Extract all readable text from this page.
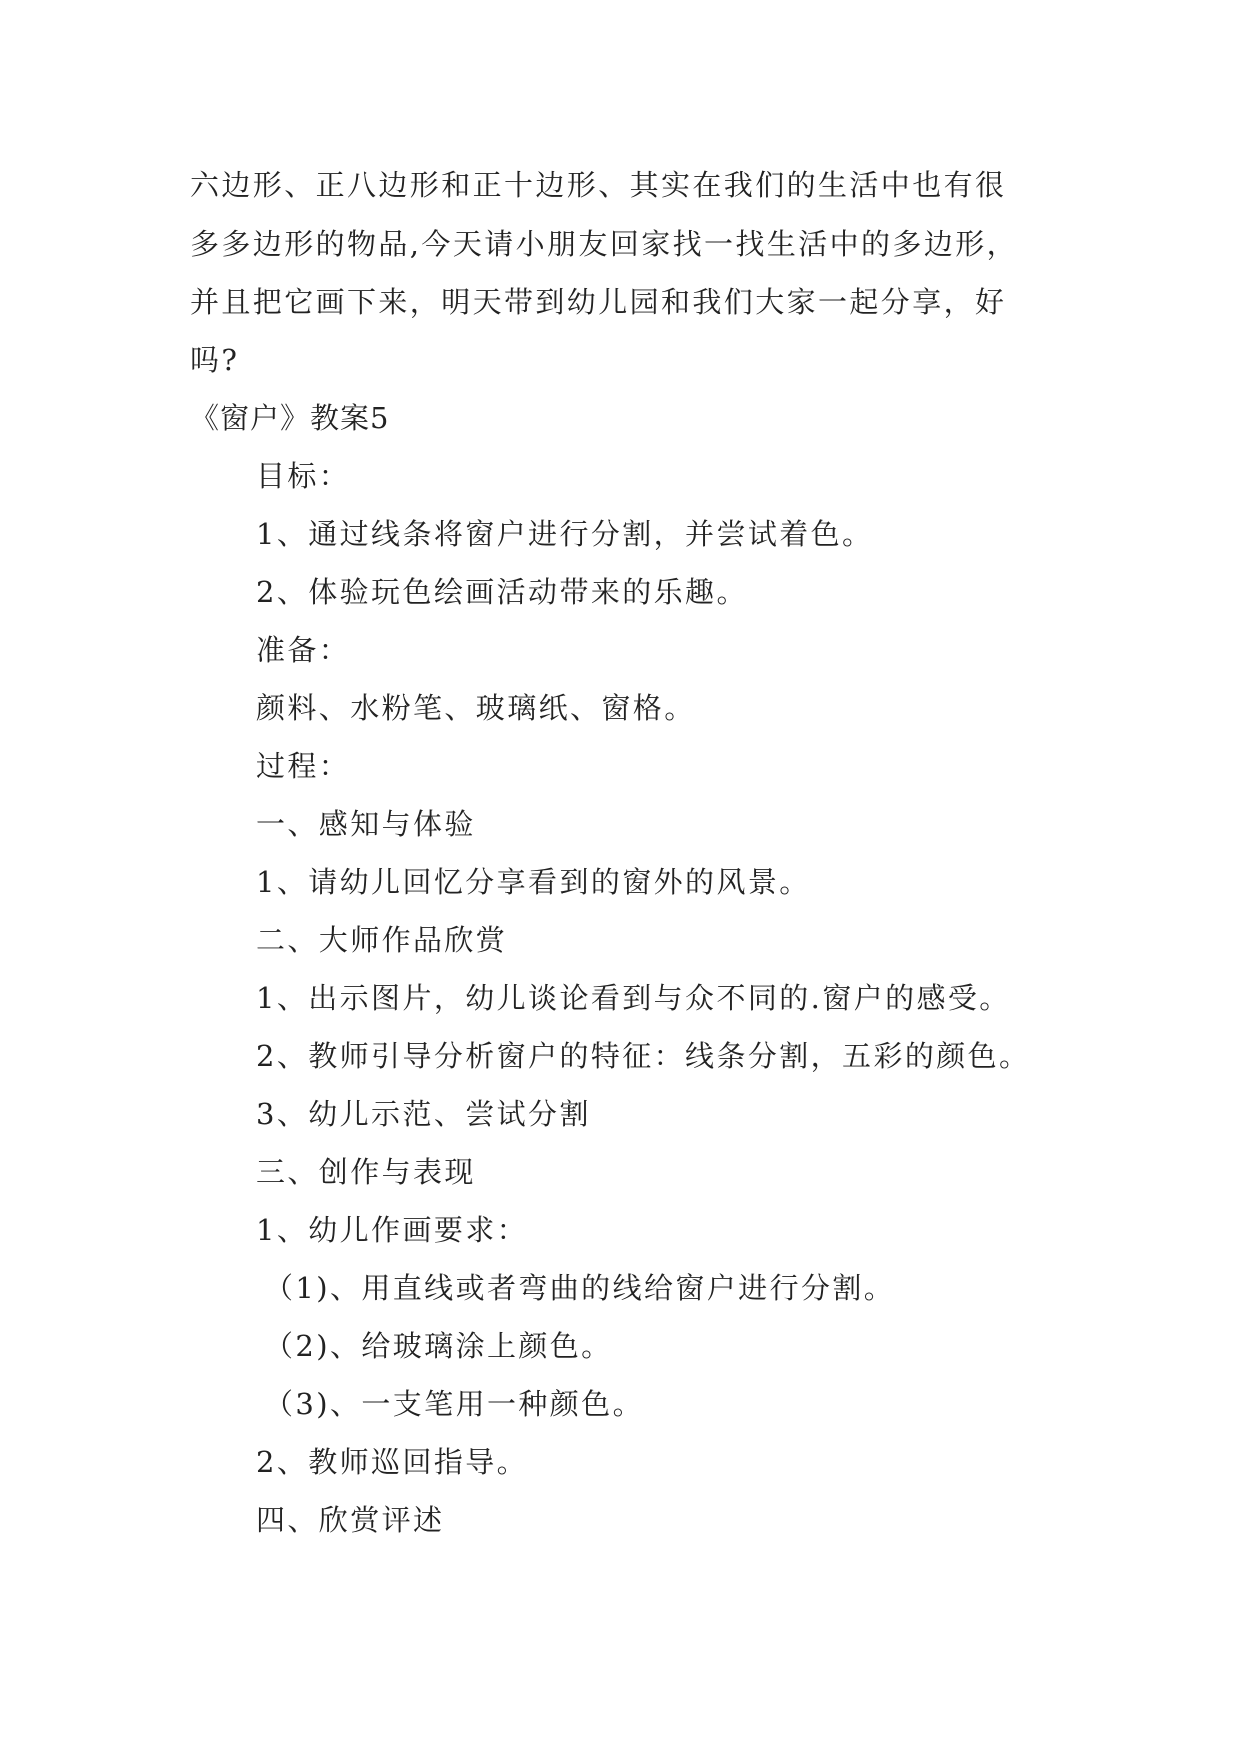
六边形、正八边形和正十边形、其实在我们的生活中也有很
多多边形的物品,今天请小朋友回家找一找生活中的多边形，
并且把它画下来，明天带到幼儿园和我们大家一起分享，好
吗?
《窗户》教案5
目标：
1、通过线条将窗户进行分割，并尝试着色。
2、体验玩色绘画活动带来的乐趣。
准备：
颜料、水粉笔、玻璃纸、窗格。
过程：
一、感知与体验
1、请幼儿回忆分享看到的窗外的风景。
二、大师作品欣赏
1、出示图片，幼儿谈论看到与众不同的.窗户的感受。
2、教师引导分析窗户的特征：线条分割，五彩的颜色。
3、幼儿示范、尝试分割
三、创作与表现
1、幼儿作画要求：
（1)、用直线或者弯曲的线给窗户进行分割。
（2)、给玻璃涂上颜色。
（3)、一支笔用一种颜色。
2、教师巡回指导。
四、欣赏评述
